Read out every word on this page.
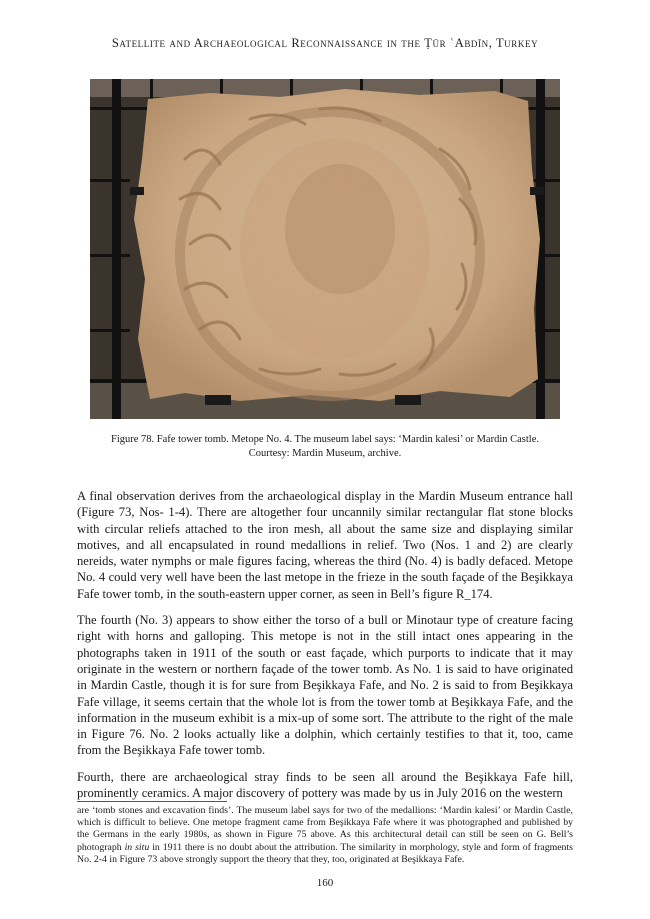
Satellite and Archaeological Reconnaissance in the Ṭūr ʿAbdīn, Turkey
Figure 78. Fafe tower tomb. Metope No. 4. The museum label says: ‘Mardin kalesi’ or Mardin Castle.
Courtesy: Mardin Museum, archive.

A final observation derives from the archaeological display in the Mardin Museum entrance hall (Figure 73, Nos- 1-4). There are altogether four uncannily similar rectangular flat stone blocks with circular reliefs attached to the iron mesh, all about the same size and displaying similar motives, and all encapsulated in round medallions in relief. Two (Nos. 1 and 2) are clearly nereids, water nymphs or male figures facing, whereas the third (No. 4) is badly defaced. Metope No. 4 could very well have been the last metope in the frieze in the south façade of the Beşikkaya Fafe tower tomb, in the south-eastern upper corner, as seen in Bell’s figure R_174.

The fourth (No. 3) appears to show either the torso of a bull or Minotaur type of creature facing right with horns and galloping. This metope is not in the still intact ones appearing in the photographs taken in 1911 of the south or east façade, which purports to indicate that it may originate in the western or northern façade of the tower tomb. As No. 1 is said to have originated in Mardin Castle, though it is for sure from Beşikkaya Fafe, and No. 2 is said to from Beşikkaya Fafe village, it seems certain that the whole lot is from the tower tomb at Beşikkaya Fafe, and the information in the museum exhibit is a mix-up of some sort. The attribute to the right of the male in Figure 76. No. 2 looks actually like a dolphin, which certainly testifies to that it, too, came from the Beşikkaya Fafe tower tomb.

Fourth, there are archaeological stray finds to be seen all around the Beşikkaya Fafe hill, prominently ceramics. A major discovery of pottery was made by us in July 2016 on the western

are ‘tomb stones and excavation finds’. The museum label says for two of the medallions: ‘Mardin kalesi’ or Mardin Castle, which is difficult to believe. One metope fragment came from Beşikkaya Fafe where it was photographed and published by the Germans in the early 1980s, as shown in Figure 75 above. As this architectural detail can still be seen on G. Bell’s photograph in situ in 1911 there is no doubt about the attribution. The similarity in morphology, style and form of fragments No. 2-4 in Figure 73 above strongly support the theory that they, too, originated at Beşikkaya Fafe.
160
